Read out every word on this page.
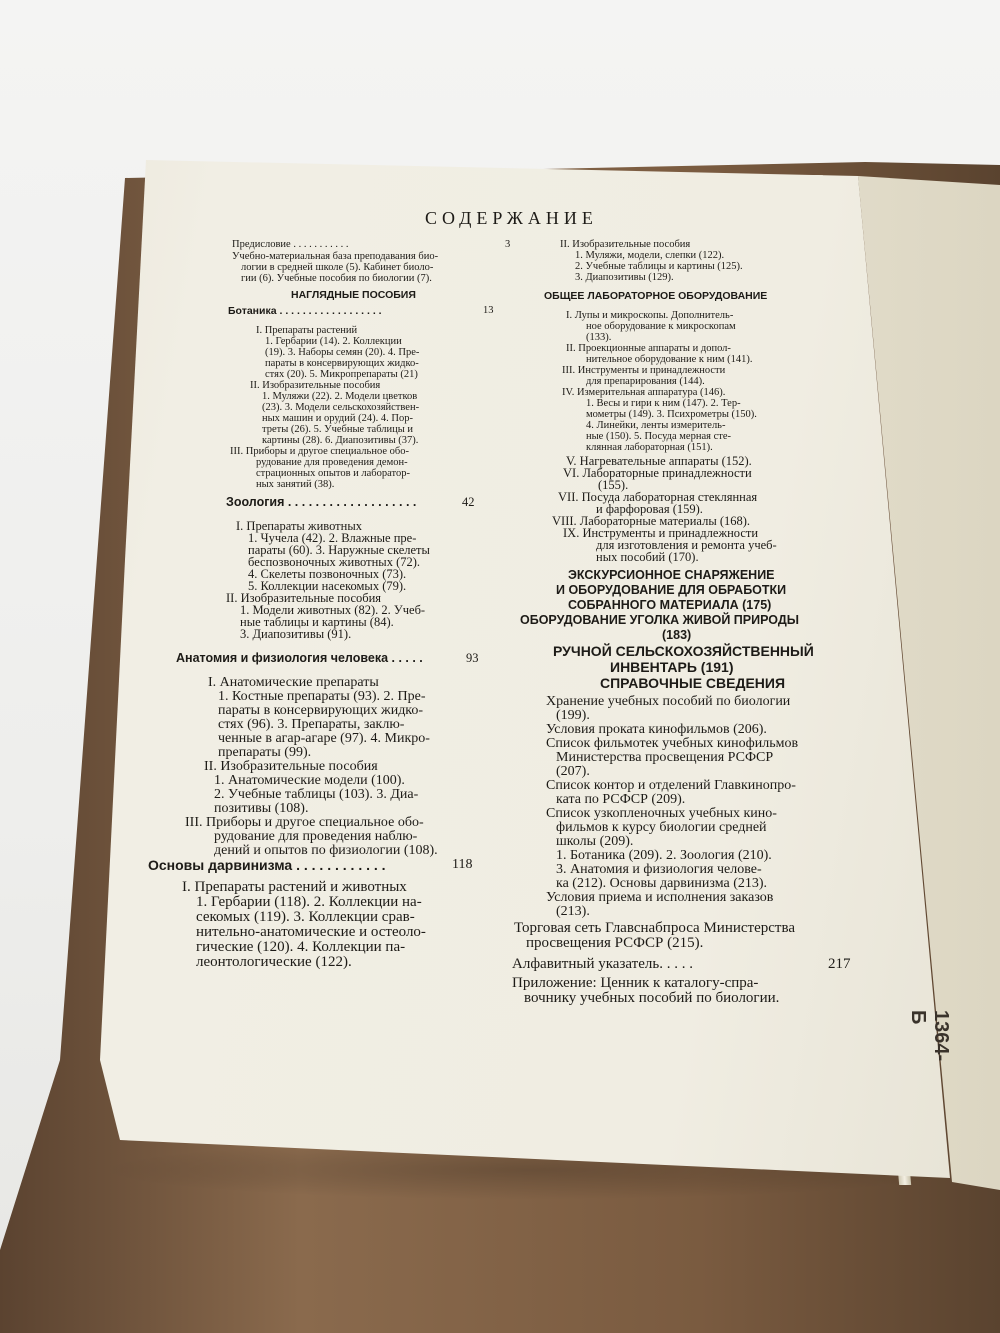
СОДЕРЖАНИЕ
Предисловие . . . . . . . . . . .	3
Учебно-материальная база преподавания био-
логии в средней школе (5). Кабинет биоло-
гии (6). Учебные пособия по биологии (7).
НАГЛЯДНЫЕ ПОСОБИЯ
Ботаника . . . . . . . . . . . . . . . . . .	13
I. Препараты растений
1. Гербарии (14). 2. Коллекции
(19). 3. Наборы семян (20). 4. Пре-
параты в консервирующих жидко-
стях (20). 5. Микропрепараты (21)
II. Изобразительные пособия
1. Муляжи (22). 2. Модели цветков
(23). 3. Модели сельскохозяйствен-
ных машин и орудий (24). 4. Пор-
треты (26). 5. Учебные таблицы и
картины (28). 6. Диапозитивы (37).
III. Приборы и другое специальное обо-
рудование для проведения демон-
страционных опытов и лаборатор-
ных занятий (38).
Зоология . . . . . . . . . . . . . . . . . . .	42
I. Препараты животных
1. Чучела (42). 2. Влажные пре-
параты (60). 3. Наружные скелеты
беспозвоночных животных (72).
4. Скелеты позвоночных (73).
5. Коллекции насекомых (79).
II. Изобразительные пособия
1. Модели животных (82). 2. Учеб-
ные таблицы и картины (84).
3. Диапозитивы (91).
Анатомия и физиология человека . . . . .	93
I. Анатомические препараты
1. Костные препараты (93). 2. Пре-
параты в консервирующих жидко-
стях (96). 3. Препараты, заклю-
ченные в агар-агаре (97). 4. Микро-
препараты (99).
II. Изобразительные пособия
1. Анатомические модели (100).
2. Учебные таблицы (103). 3. Диа-
позитивы (108).
III. Приборы и другое специальное обо-
рудование для проведения наблю-
дений и опытов по физиологии (108).
Основы дарвинизма . . . . . . . . . . . .	118
I. Препараты растений и животных
1. Гербарии (118). 2. Коллекции на-
секомых (119). 3. Коллекции срав-
нительно-анатомические и остеоло-
гические (120). 4. Коллекции па-
леонтологические (122).
II. Изобразительные пособия
1. Муляжи, модели, слепки (122).
2. Учебные таблицы и картины (125).
3. Диапозитивы (129).
ОБЩЕЕ ЛАБОРАТОРНОЕ ОБОРУДОВАНИЕ
I. Лупы и микроскопы. Дополнитель-
ное оборудование к микроскопам
(133).
II. Проекционные аппараты и допол-
нительное оборудование к ним (141).
III. Инструменты и принадлежности
для препарирования (144).
IV. Измерительная аппаратура (146).
1. Весы и гири к ним (147). 2. Тер-
мометры (149). 3. Психрометры (150).
4. Линейки, ленты измеритель-
ные (150). 5. Посуда мерная сте-
клянная лабораторная (151).
V. Нагревательные аппараты (152).
VI. Лабораторные принадлежности
(155).
VII. Посуда лабораторная стеклянная
и фарфоровая (159).
VIII. Лабораторные материалы (168).
IX. Инструменты и принадлежности
для изготовления и ремонта учеб-
ных пособий (170).
ЭКСКУРСИОННОЕ СНАРЯЖЕНИЕ
И ОБОРУДОВАНИЕ ДЛЯ ОБРАБОТКИ
СОБРАННОГО МАТЕРИАЛА (175)
ОБОРУДОВАНИЕ УГОЛКА ЖИВОЙ ПРИРОДЫ
(183)
РУЧНОЙ СЕЛЬСКОХОЗЯЙСТВЕННЫЙ
ИНВЕНТАРЬ (191)
СПРАВОЧНЫЕ СВЕДЕНИЯ
Хранение учебных пособий по биологии
(199).
Условия проката кинофильмов (206).
Список фильмотек учебных кинофильмов
Министерства просвещения РСФСР
(207).
Список контор и отделений Главкинопро-
ката по РСФСР (209).
Список узкопленочных учебных кино-
фильмов к курсу биологии средней
школы (209).
1. Ботаника (209). 2. Зоология (210).
3. Анатомия и физиология челове-
ка (212). Основы дарвинизма (213).
Условия приема и исполнения заказов
(213).
Торговая сеть Главснабпроса Министерства
просвещения РСФСР (215).
Алфавитный указатель. . . . .	217
Приложение: Ценник к каталогу-спра-
вочнику учебных пособий по биологии.
1364-Б
